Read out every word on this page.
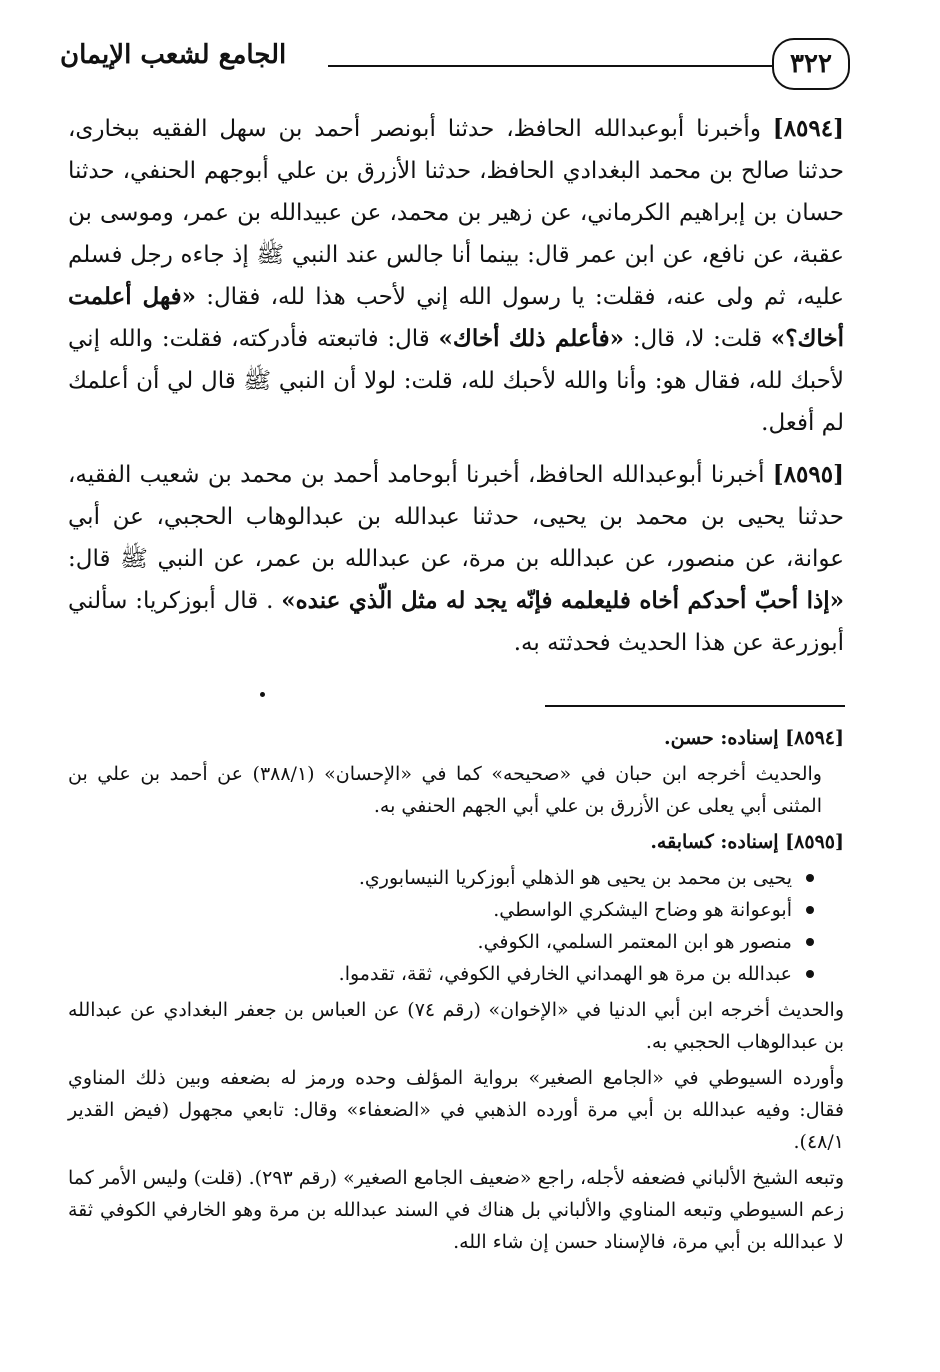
الجامع لشعب الإيمان	٣٢٢

[٨٥٩٤] وأخبرنا أبوعبدالله الحافظ، حدثنا أبونصر أحمد بن سهل الفقيه ببخارى، حدثنا صالح بن محمد البغدادي الحافظ، حدثنا الأزرق بن علي أبوجهم الحنفي، حدثنا حسان بن إبراهيم الكرماني، عن زهير بن محمد، عن عبيدالله بن عمر، وموسى بن عقبة، عن نافع، عن ابن عمر قال: بينما أنا جالس عند النبي ﷺ إذ جاءه رجل فسلم عليه، ثم ولى عنه، فقلت: يا رسول الله إني لأحب هذا لله، فقال: «فهل أعلمت أخاك؟» قلت: لا، قال: «فأعلم ذلك أخاك» قال: فاتبعته فأدركته، فقلت: والله إني لأحبك لله، فقال هو: وأنا والله لأحبك لله، قلت: لولا أن النبي ﷺ قال لي أن أعلمك لم أفعل.

[٨٥٩٥] أخبرنا أبوعبدالله الحافظ، أخبرنا أبوحامد أحمد بن محمد بن شعيب الفقيه، حدثنا يحيى بن محمد بن يحيى، حدثنا عبدالله بن عبدالوهاب الحجبي، عن أبي عوانة، عن منصور، عن عبدالله بن مرة، عن عبدالله بن عمر، عن النبي ﷺ قال: «إذا أحبّ أحدكم أخاه فليعلمه فإنّه يجد له مثل الّذي عنده» . قال أبوزكريا: سألني أبوزرعة عن هذا الحديث فحدثته به.

[٨٥٩٤] إسناده: حسن.

والحديث أخرجه ابن حبان في «صحيحه» كما في «الإحسان» (٣٨٨/١) عن أحمد بن علي بن المثنى أبي يعلى عن الأزرق بن علي أبي الجهم الحنفي به.

[٨٥٩٥] إسناده: كسابقه.

يحيى بن محمد بن يحيى هو الذهلي أبوزكريا النيسابوري.
أبوعوانة هو وضاح اليشكري الواسطي.
منصور هو ابن المعتمر السلمي، الكوفي.
عبدالله بن مرة هو الهمداني الخارفي الكوفي، ثقة، تقدموا.

والحديث أخرجه ابن أبي الدنيا في «الإخوان» (رقم ٧٤) عن العباس بن جعفر البغدادي عن عبدالله بن عبدالوهاب الحجبي به.

وأورده السيوطي في «الجامع الصغير» برواية المؤلف وحده ورمز له بضعفه وبين ذلك المناوي فقال: وفيه عبدالله بن أبي مرة أورده الذهبي في «الضعفاء» وقال: تابعي مجهول (فيض القدير ٤٨/١).

وتبعه الشيخ الألباني فضعفه لأجله، راجع «ضعيف الجامع الصغير» (رقم ٢٩٣). (قلت) وليس الأمر كما زعم السيوطي وتبعه المناوي والألباني بل هناك في السند عبدالله بن مرة وهو الخارفي الكوفي ثقة لا عبدالله بن أبي مرة، فالإسناد حسن إن شاء الله.
